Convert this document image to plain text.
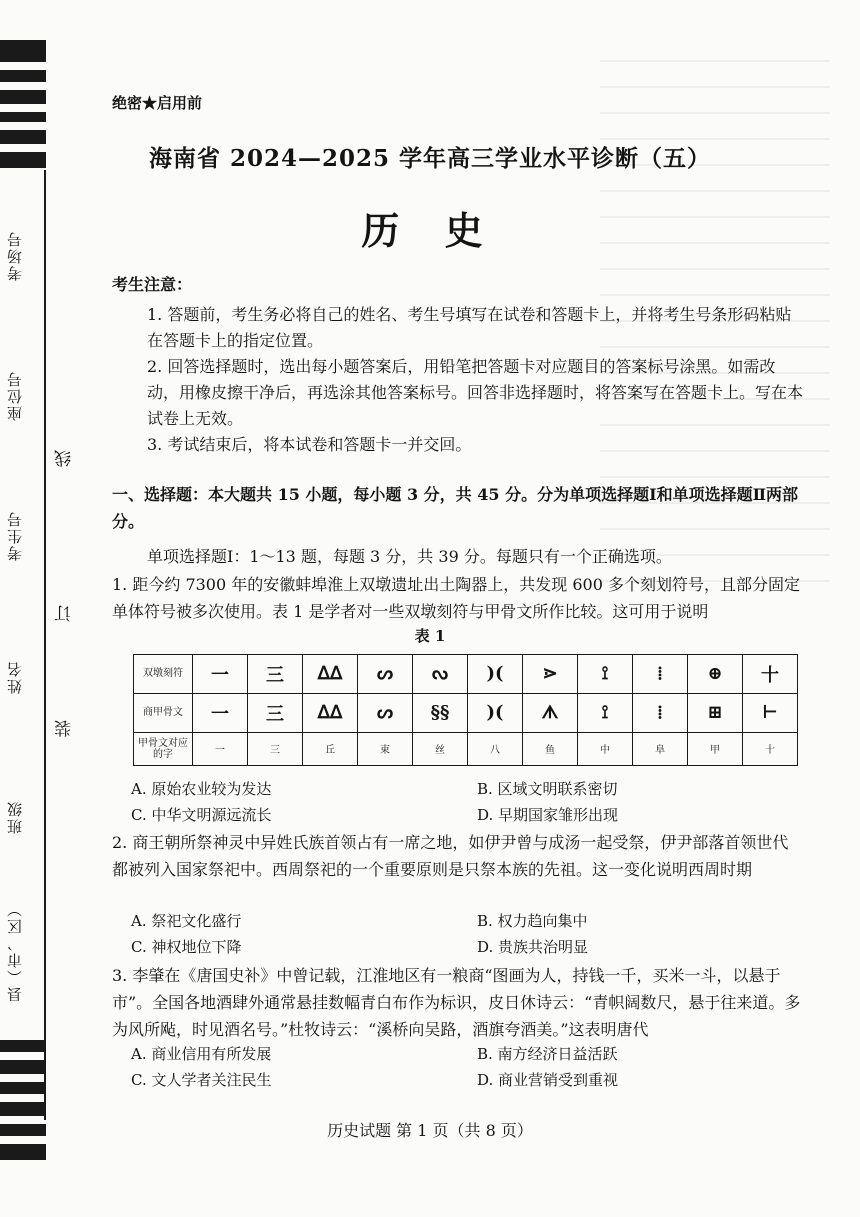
县（市、区）
班级
姓名
考生号
座位号
考场号
线
订
装
绝密★启用前
海南省 2024—2025 学年高三学业水平诊断（五）
历 史
考生注意：
1. 答题前，考生务必将自己的姓名、考生号填写在试卷和答题卡上，并将考生号条形码粘贴在答题卡上的指定位置。
2. 回答选择题时，选出每小题答案后，用铅笔把答题卡对应题目的答案标号涂黑。如需改动，用橡皮擦干净后，再选涂其他答案标号。回答非选择题时，将答案写在答题卡上。写在本试卷上无效。
3. 考试结束后，将本试卷和答题卡一并交回。
一、选择题：本大题共 15 小题，每小题 3 分，共 45 分。分为单项选择题Ⅰ和单项选择题Ⅱ两部分。
单项选择题Ⅰ：1～13 题，每题 3 分，共 39 分。每题只有一个正确选项。
1. 距今约 7300 年的安徽蚌埠淮上双墩遗址出土陶器上，共发现 600 多个刻划符号，且部分固定单体符号被多次使用。表 1 是学者对一些双墩刻符与甲骨文所作比较。这可用于说明
表 1
双墩刻符	一	三	ᐃᐃ	ᔕ	ᔓ	)(	⋗	⟟	⁞	⊕	十
商甲骨文	一	三	ᐃᐃ	ᔕ	§§	)(	ᗑ	⟟	⁞	⊞	⊢
甲骨文对应的字	一	三	丘	束	丝	八	鱼	中	阜	甲	十
A. 原始农业较为发达	B. 区域文明联系密切
C. 中华文明源远流长	D. 早期国家雏形出现
2. 商王朝所祭神灵中异姓氏族首领占有一席之地，如伊尹曾与成汤一起受祭，伊尹部落首领世代都被列入国家祭祀中。西周祭祀的一个重要原则是只祭本族的先祖。这一变化说明西周时期
A. 祭祀文化盛行	B. 权力趋向集中
C. 神权地位下降	D. 贵族共治明显
3. 李肇在《唐国史补》中曾记载，江淮地区有一粮商“图画为人，持钱一千，买米一斗，以悬于市”。全国各地酒肆外通常悬挂数幅青白布作为标识，皮日休诗云：“青帜阔数尺，悬于往来道。多为风所飐，时见酒名号。”杜牧诗云：“溪桥向吴路，酒旗夸酒美。”这表明唐代
A. 商业信用有所发展	B. 南方经济日益活跃
C. 文人学者关注民生	D. 商业营销受到重视
历史试题 第 1 页（共 8 页）
